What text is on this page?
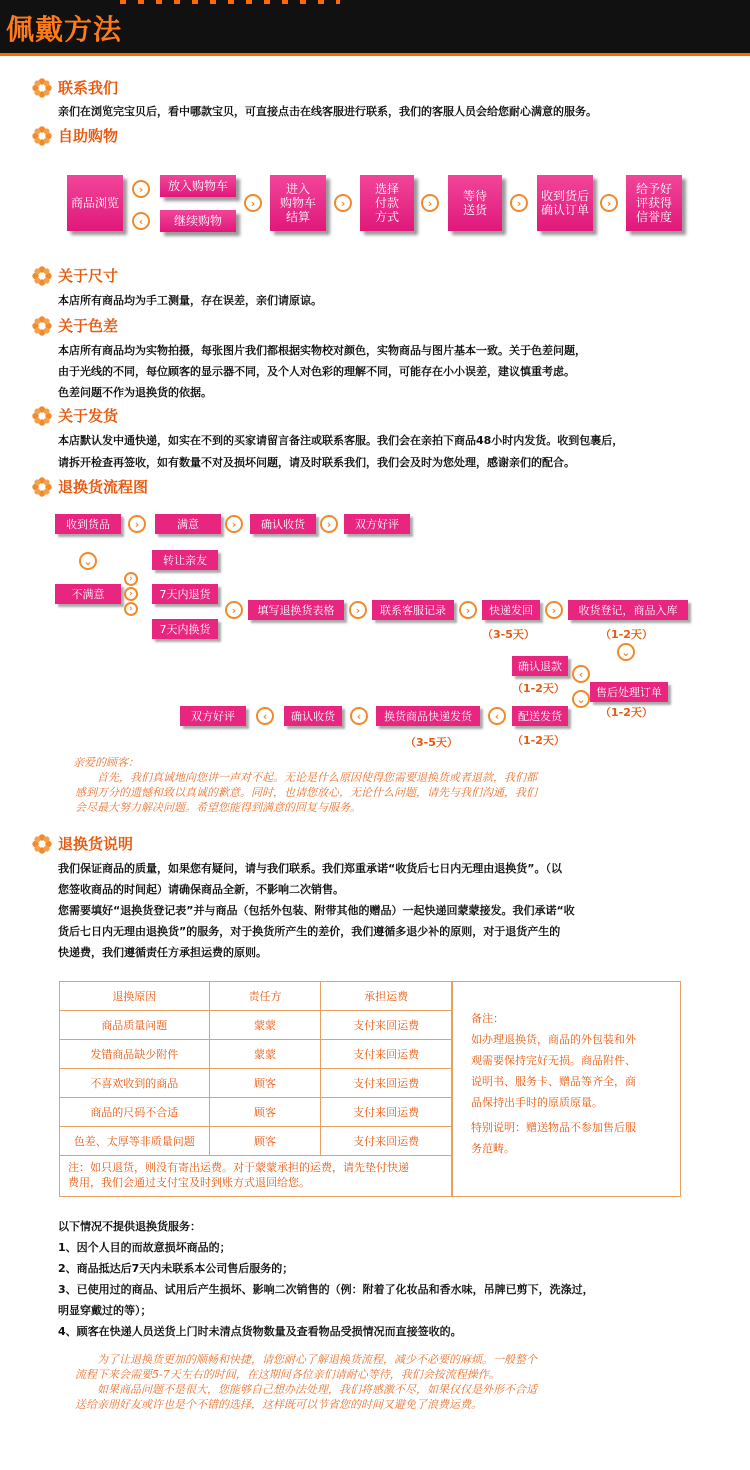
佩戴方法
联系我们
亲们在浏览完宝贝后，看中哪款宝贝，可直接点击在线客服进行联系，我们的客服人员会给您耐心满意的服务。
自助购物
商品浏览
›
‹
放入购物车
继续购物
›
进入
购物车
结算
›
选择
付款
方式
›	等待
送货	›	收到货后
确认订单	›
给予好
评获得
信誉度
关于尺寸
本店所有商品均为手工测量，存在误差，亲们请原谅。
关于色差
本店所有商品均为实物拍摄，每张图片我们都根据实物校对颜色，实物商品与图片基本一致。关于色差问题，
由于光线的不同，每位顾客的显示器不同，及个人对色彩的理解不同，可能存在小小误差，建议慎重考虑。
色差问题不作为退换货的依据。
关于发货
本店默认发中通快递，如实在不到的买家请留言备注或联系客服。我们会在亲拍下商品48小时内发货。收到包裹后，
请拆开检查再签收，如有数量不对及损坏问题，请及时联系我们，我们会及时为您处理，感谢亲们的配合。
退换货流程图
收到货品	›	满意	›	确认收货	›	双方好评
⌄
不满意
›
›
›
转让亲友
7天内退货
7天内换货
›	填写退换货表格	›	联系客服记录	›	快递发回
（3-5天）
›	收货登记，商品入库
（1-2天）
⌄
确认退款
（1-2天）
‹
⌄ 售后处理订单
（1-2天）
双方好评	‹	确认收货	‹	换货商品快递发货
（3-5天）
‹	配送发货
（1-2天）
亲爱的顾客：
　　首先，我们真诚地向您讲一声对不起。无论是什么原因使得您需要退换货或者退款，我们都
感到万分的遗憾和致以真诚的歉意。同时，也请您放心，无论什么问题，请先与我们沟通，我们
会尽最大努力解决问题。希望您能得到满意的回复与服务。
退换货说明
我们保证商品的质量，如果您有疑问，请与我们联系。我们郑重承诺“收货后七日内无理由退换货”。（以
您签收商品的时间起）请确保商品全新，不影响二次销售。
您需要填好“退换货登记表”并与商品（包括外包装、附带其他的赠品）一起快递回蒙蒙接发。我们承诺“收
货后七日内无理由退换货”的服务，对于换货所产生的差价，我们遵循多退少补的原则，对于退货产生的
快递费，我们遵循责任方承担运费的原则。
退换原因	责任方	承担运费
商品质量问题	蒙蒙	支付来回运费
发错商品缺少附件	蒙蒙	支付来回运费
不喜欢收到的商品	顾客	支付来回运费
商品的尺码不合适	顾客	支付来回运费
色差、太厚等非质量问题	顾客	支付来回运费
注：如只退货，则没有寄出运费。对于蒙蒙承担的运费，请先垫付快递
费用，我们会通过支付宝及时到账方式退回给您。
备注：
如办理退换货，商品的外包装和外
观需要保持完好无损。商品附件、
说明书、服务卡、赠品等齐全，商
品保持出手时的原质原量。
特别说明：赠送物品不参加售后服
务范畴。
以下情况不提供退换货服务：
1、因个人目的而故意损坏商品的；
2、商品抵达后7天内未联系本公司售后服务的；
3、已使用过的商品、试用后产生损坏、影响二次销售的（例：附着了化妆品和香水味，吊牌已剪下，洗涤过，
明显穿戴过的等）；
4、顾客在快递人员送货上门时未清点货物数量及查看物品受损情况而直接签收的。
　　为了让退换货更加的顺畅和快捷，请您耐心了解退换货流程，减少不必要的麻烦。一般整个
流程下来会需要5-7天左右的时间，在这期间各位亲们请耐心等待，我们会按流程操作。
　　如果商品问题不是很大，您能够自己想办法处理，我们将感激不尽，如果仅仅是外形不合适
送给亲朋好友或许也是个不错的选择，这样既可以节省您的时间又避免了浪费运费。
